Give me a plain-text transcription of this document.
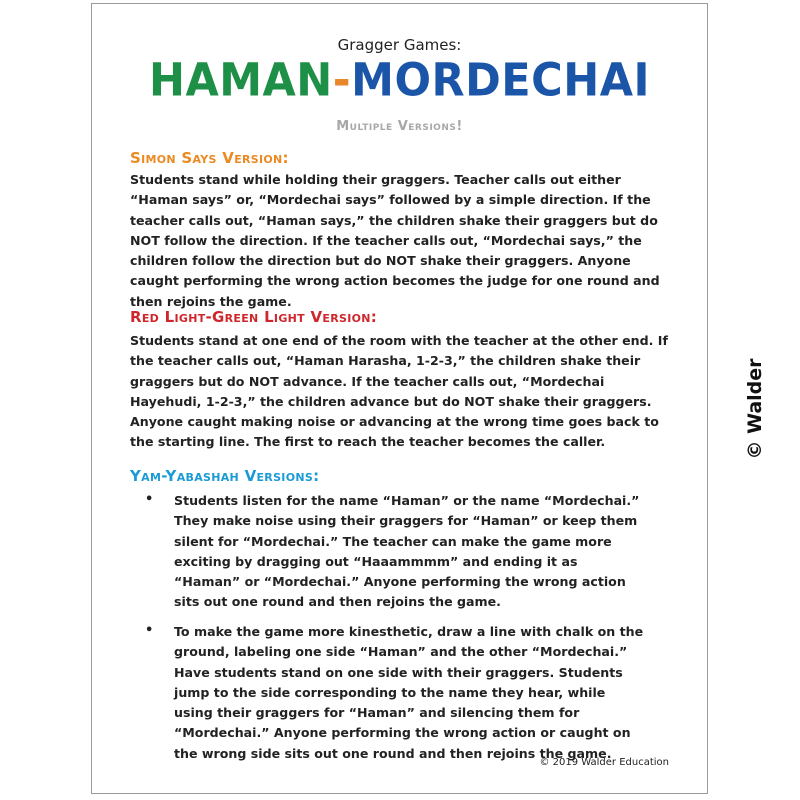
Gragger Games:
HAMAN-MORDECHAI
Multiple Versions!
Simon Says Version:
Students stand while holding their graggers. Teacher calls out either “Haman says” or, “Mordechai says” followed by a simple direction. If the teacher calls out, “Haman says,” the children shake their graggers but do NOT follow the direction. If the teacher calls out, “Mordechai says,” the children follow the direction but do NOT shake their graggers. Anyone caught performing the wrong action becomes the judge for one round and then rejoins the game.
Red Light-Green Light Version:
Students stand at one end of the room with the teacher at the other end. If the teacher calls out, “Haman Harasha, 1-2-3,” the children shake their graggers but do NOT advance. If the teacher calls out, “Mordechai Hayehudi, 1-2-3,” the children advance but do NOT shake their graggers. Anyone caught making noise or advancing at the wrong time goes back to the starting line. The first to reach the teacher becomes the caller.
Yam-Yabashah Versions:
• Students listen for the name “Haman” or the name “Mordechai.” They make noise using their graggers for “Haman” or keep them silent for “Mordechai.” The teacher can make the game more exciting by dragging out “Haaammmm” and ending it as “Haman” or “Mordechai.” Anyone performing the wrong action sits out one round and then rejoins the game.
• To make the game more kinesthetic, draw a line with chalk on the ground, labeling one side “Haman” and the other “Mordechai.” Have students stand on one side with their graggers. Students jump to the side corresponding to the name they hear, while using their graggers for “Haman” and silencing them for “Mordechai.” Anyone performing the wrong action or caught on the wrong side sits out one round and then rejoins the game.
© 2019 Walder Education
© Walder
